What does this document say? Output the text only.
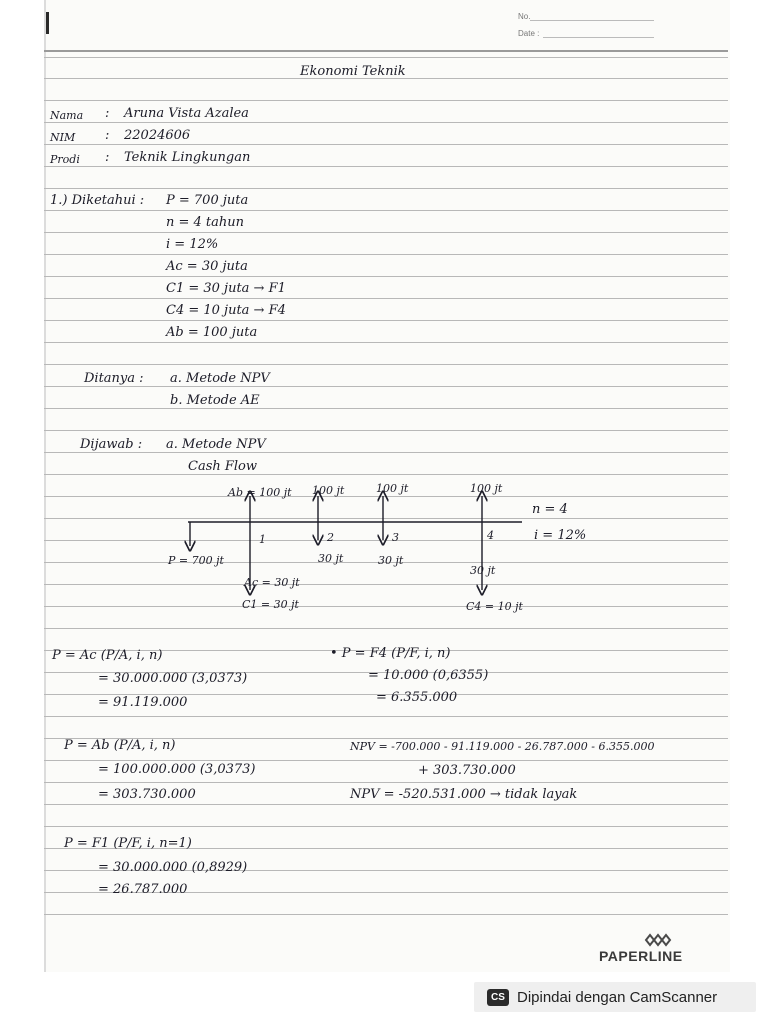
No.
Date :
Ekonomi Teknik
Nama : Aruna Vista Azalea
NIM : 22024606
Prodi : Teknik Lingkungan
1.) Diketahui : P = 700 juta
n = 4 tahun
i = 12%
Ac = 30 juta
C1 = 30 juta → F1
C4 = 10 juta → F4
Ab = 100 juta
Ditanya : a. Metode NPV
b. Metode AE
Dijawab : a. Metode NPV
Cash Flow
Ab = 100 jt 100 jt	100 jt	100 jt
1	2	3	4
n = 4
i = 12%
P = 700 jt	30 jt	30 jt
30 jt
Ac = 30 jt
C1 = 30 jt	C4 = 10 jt
P = Ac (P/A, i, n)
= 30.000.000 (3,0373)
= 91.119.000
• P = F4 (P/F, i, n)
= 10.000 (0,6355)
= 6.355.000
P = Ab (P/A, i, n)
= 100.000.000 (3,0373)
= 303.730.000
NPV = -700.000 - 91.119.000 - 26.787.000 - 6.355.000
+ 303.730.000
NPV = -520.531.000 → tidak layak
P = F1 (P/F, i, n=1)
= 30.000.000 (0,8929)
= 26.787.000
PAPERLINE
CS Dipindai dengan CamScanner
